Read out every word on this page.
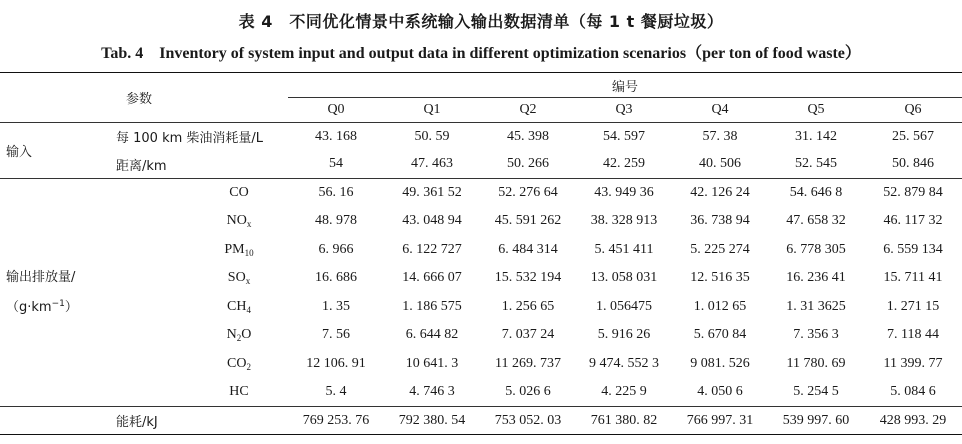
表 4　不同优化情景中系统输入输出数据清单（每 1 t 餐厨垃圾）
Tab. 4　Inventory of system input and output data in different optimization scenarios（per ton of food waste）
参数		编号						
		Q0	Q1	Q2	Q3	Q4	Q5	Q6
输入	每 100 km 柴油消耗量/L	43. 168	50. 59	45. 398	54. 597	57. 38	31. 142	25. 567
	距离/km	54	47. 463	50. 266	42. 259	40. 506	52. 545	50. 846

输出排放量/
$(g\cdot km^{-1})$	CO	56. 16	49. 361 52	52. 276 64	43. 949 36	42. 126 24	54. 646 8	52. 879 84
	$NO_x$	48. 978	43. 048 94	45. 591 262	38. 328 913	36. 738 94	47. 658 32	46. 117 32
	$PM_{10}$	6. 966	6. 122 727	6. 484 314	5. 451 411	5. 225 274	6. 778 305	6. 559 134
	$SO_x$	16. 686	14. 666 07	15. 532 194	13. 058 031	12. 516 35	16. 236 41	15. 711 41
	$CH_4$	1. 35	1. 186 575	1. 256 65	1. 056475	1. 012 65	1. 31 3625	1. 271 15
	$N_2O$	7. 56	6. 644 82	7. 037 24	5. 916 26	5. 670 84	7. 356 3	7. 118 44
	$CO_2$	12 106. 91	10 641. 3	11 269. 737	9 474. 552 3	9 081. 526	11 780. 69	11 399. 77
	HC	5. 4	4. 746 3	5. 026 6	4. 225 9	4. 050 6	5. 254 5	5. 084 6
	能耗/kJ	769 253. 76	792 380. 54	753 052. 03	761 380. 82	766 997. 31	539 997. 60	428 993. 29
